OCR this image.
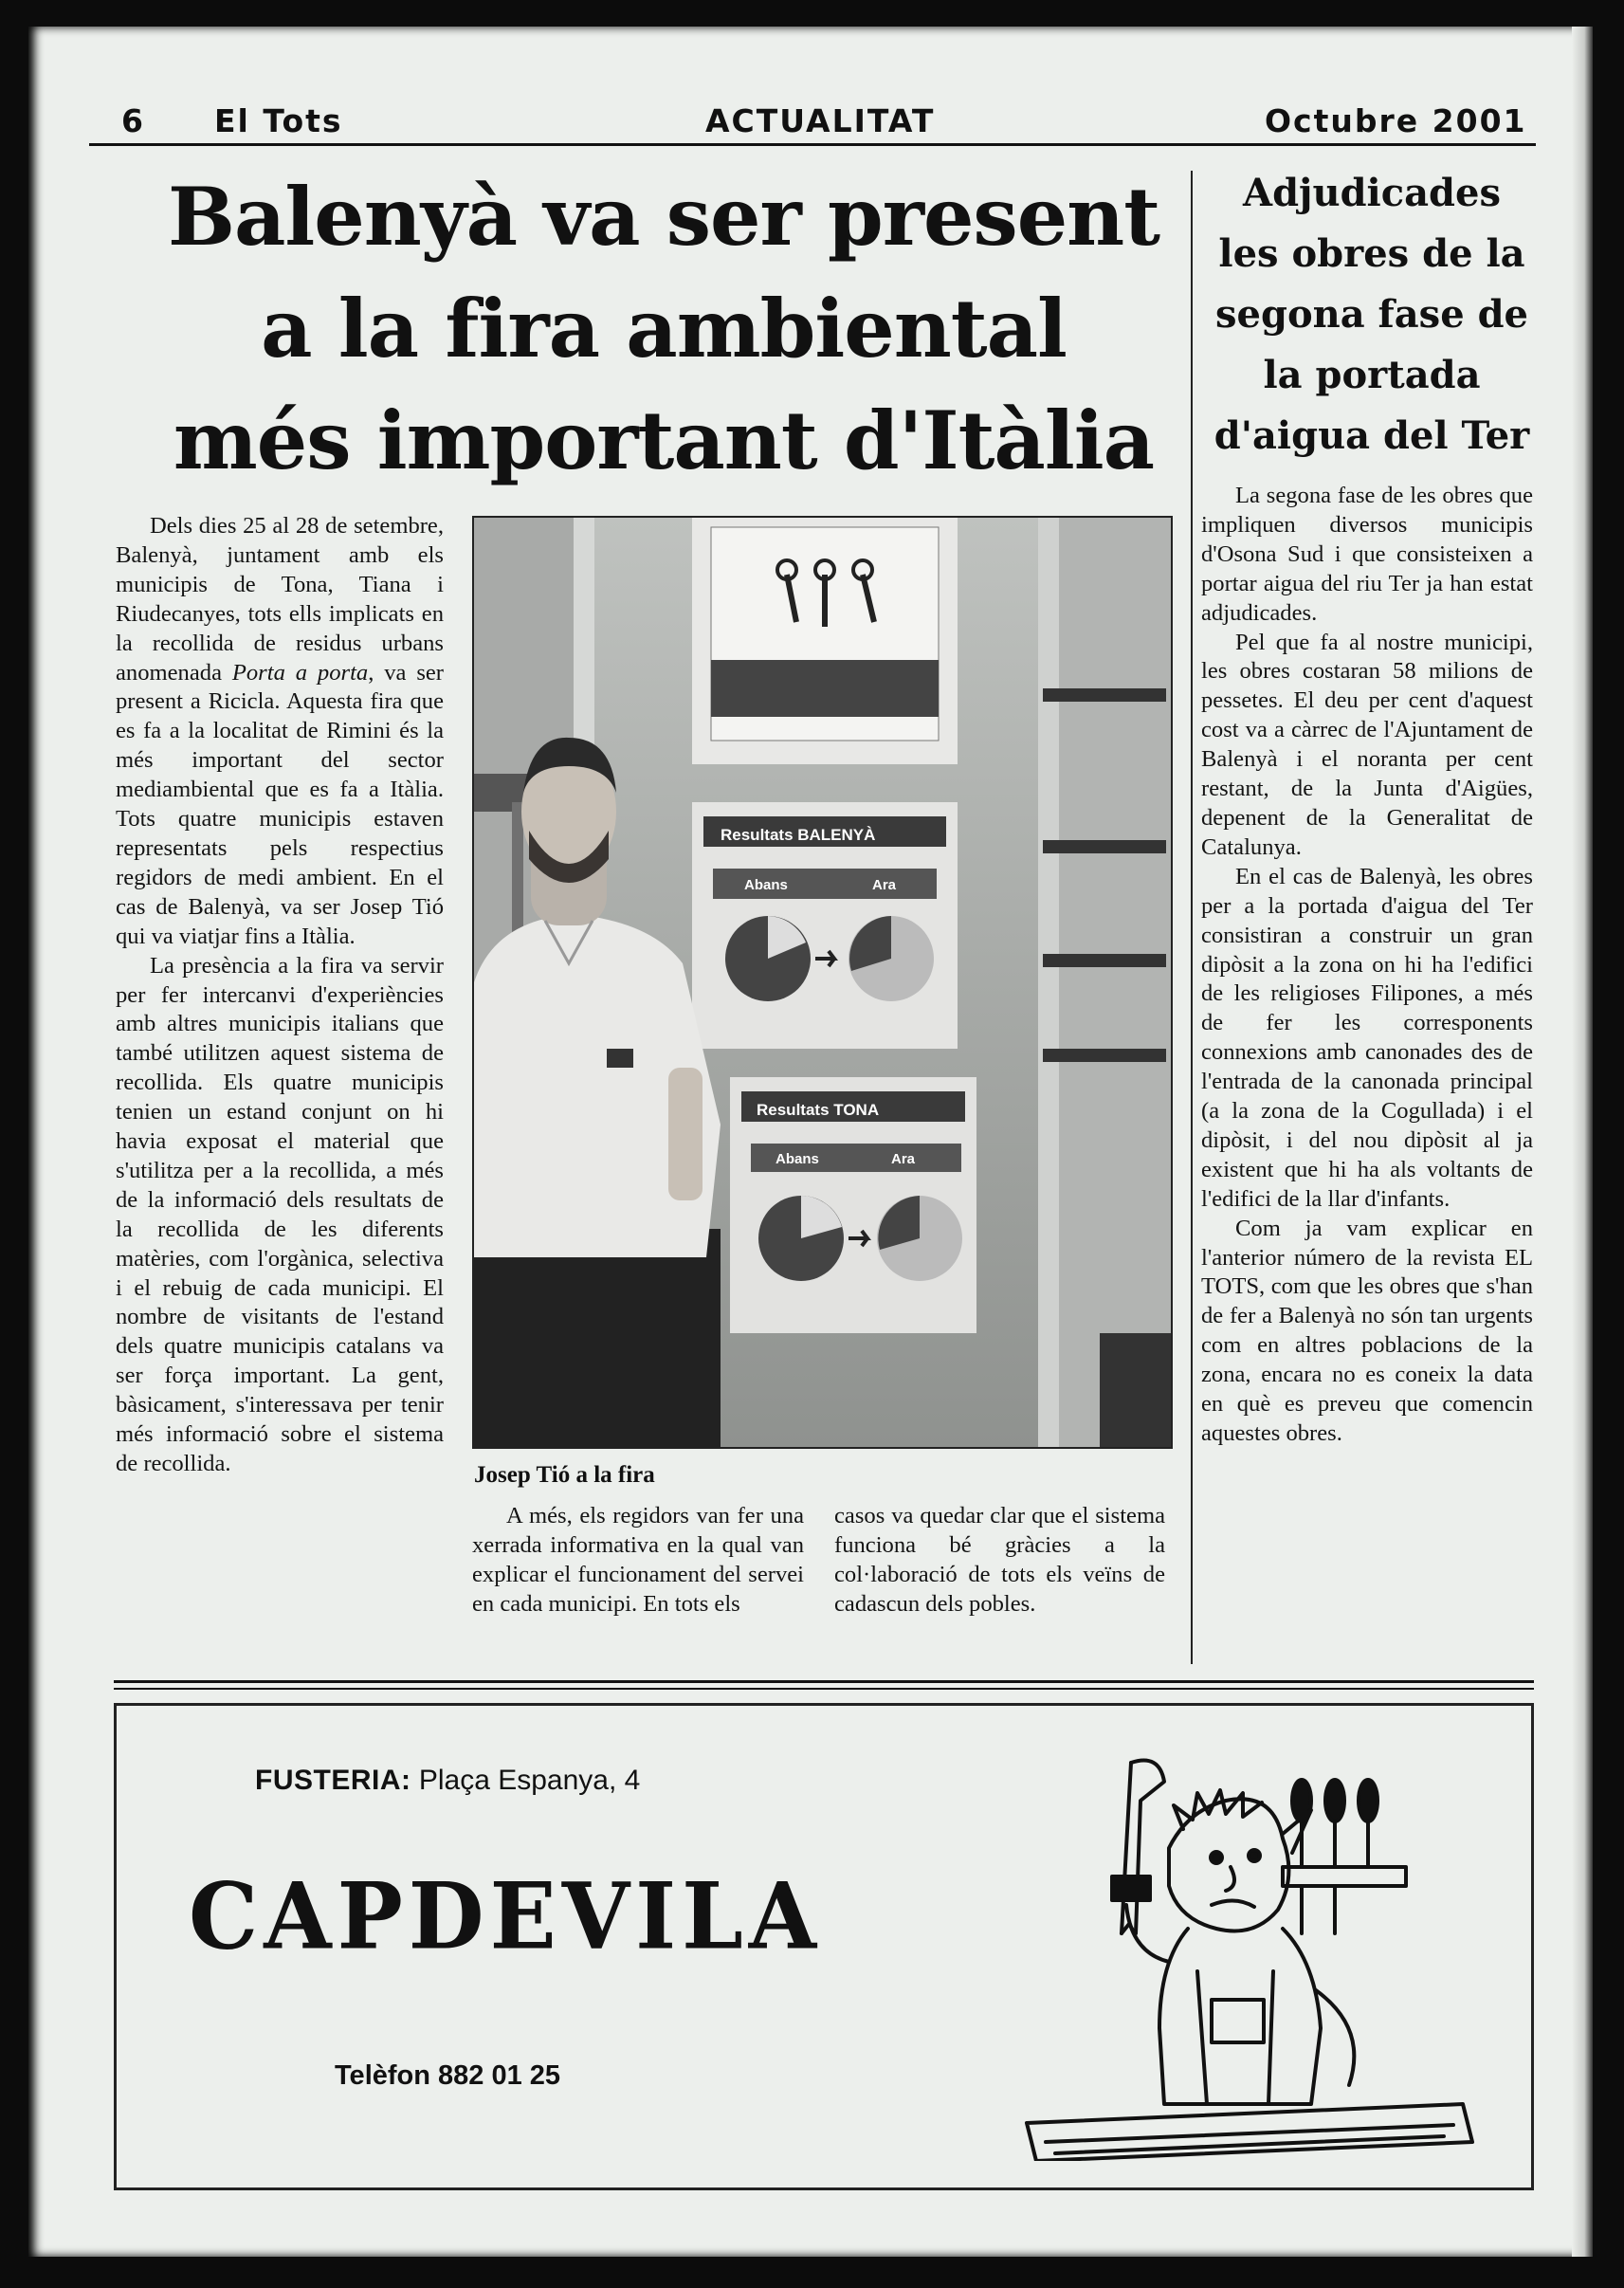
6 El Tots	ACTUALITAT	Octubre 2001
Balenyà va ser present
a la fira ambiental
més important d'Itàlia
Adjudicades
les obres de la
segona fase de
la portada
d'aigua del Ter

Dels dies 25 al 28 de setembre, Balenyà, juntament amb els municipis de Tona, Tiana i Riudecanyes, tots ells implicats en la recollida de residus urbans anomenada Porta a porta, va ser present a Ricicla. Aquesta fira que es fa a la localitat de Rimini és la més important del sector mediambiental que es fa a Itàlia. Tots quatre municipis estaven representats pels respectius regidors de medi ambient. En el cas de Balenyà, va ser Josep Tió qui va viatjar fins a Itàlia.

La presència a la fira va servir per fer intercanvi d'experiències amb altres municipis italians que també utilitzen aquest sistema de recollida. Els quatre municipis tenien un estand conjunt on hi havia exposat el material que s'utilitza per a la recollida, a més de la informació dels resultats de la recollida de les diferents matèries, com l'orgànica, selectiva i el rebuig de cada municipi. El nombre de visitants de l'estand dels quatre municipis catalans va ser força important. La gent, bàsicament, s'interessava per tenir més informació sobre el sistema de recollida.

Resultats BALENYÀ
Abans	Ara
Resultats TONA
Abans	Ara
Josep Tió a la fira

A més, els regidors van fer una xerrada informativa en la qual van explicar el funcionament del servei en cada municipi. En tots els

casos va quedar clar que el sistema funciona bé gràcies a la col·laboració de tots els veïns de cadascun dels pobles.

La segona fase de les obres que impliquen diversos municipis d'Osona Sud i que consisteixen a portar aigua del riu Ter ja han estat adjudicades.

Pel que fa al nostre municipi, les obres costaran 58 milions de pessetes. El deu per cent d'aquest cost va a càrrec de l'Ajuntament de Balenyà i el noranta per cent restant, de la Junta d'Aigües, depenent de la Generalitat de Catalunya.

En el cas de Balenyà, les obres per a la portada d'aigua del Ter consistiran a construir un gran dipòsit a la zona on hi ha l'edifici de les religioses Filipones, a més de fer les corresponents connexions amb canonades des de l'entrada de la canonada principal (a la zona de la Cogullada) i el dipòsit, i del nou dipòsit al ja existent que hi ha als voltants de l'edifici de la llar d'infants.

Com ja vam explicar en l'anterior número de la revista EL TOTS, com que les obres que s'han de fer a Balenyà no són tan urgents com en altres poblacions de la zona, encara no es coneix la data en què es preveu que comencin aquestes obres.

FUSTERIA: Plaça Espanya, 4
CAPDEVILA
Telèfon 882 01 25
